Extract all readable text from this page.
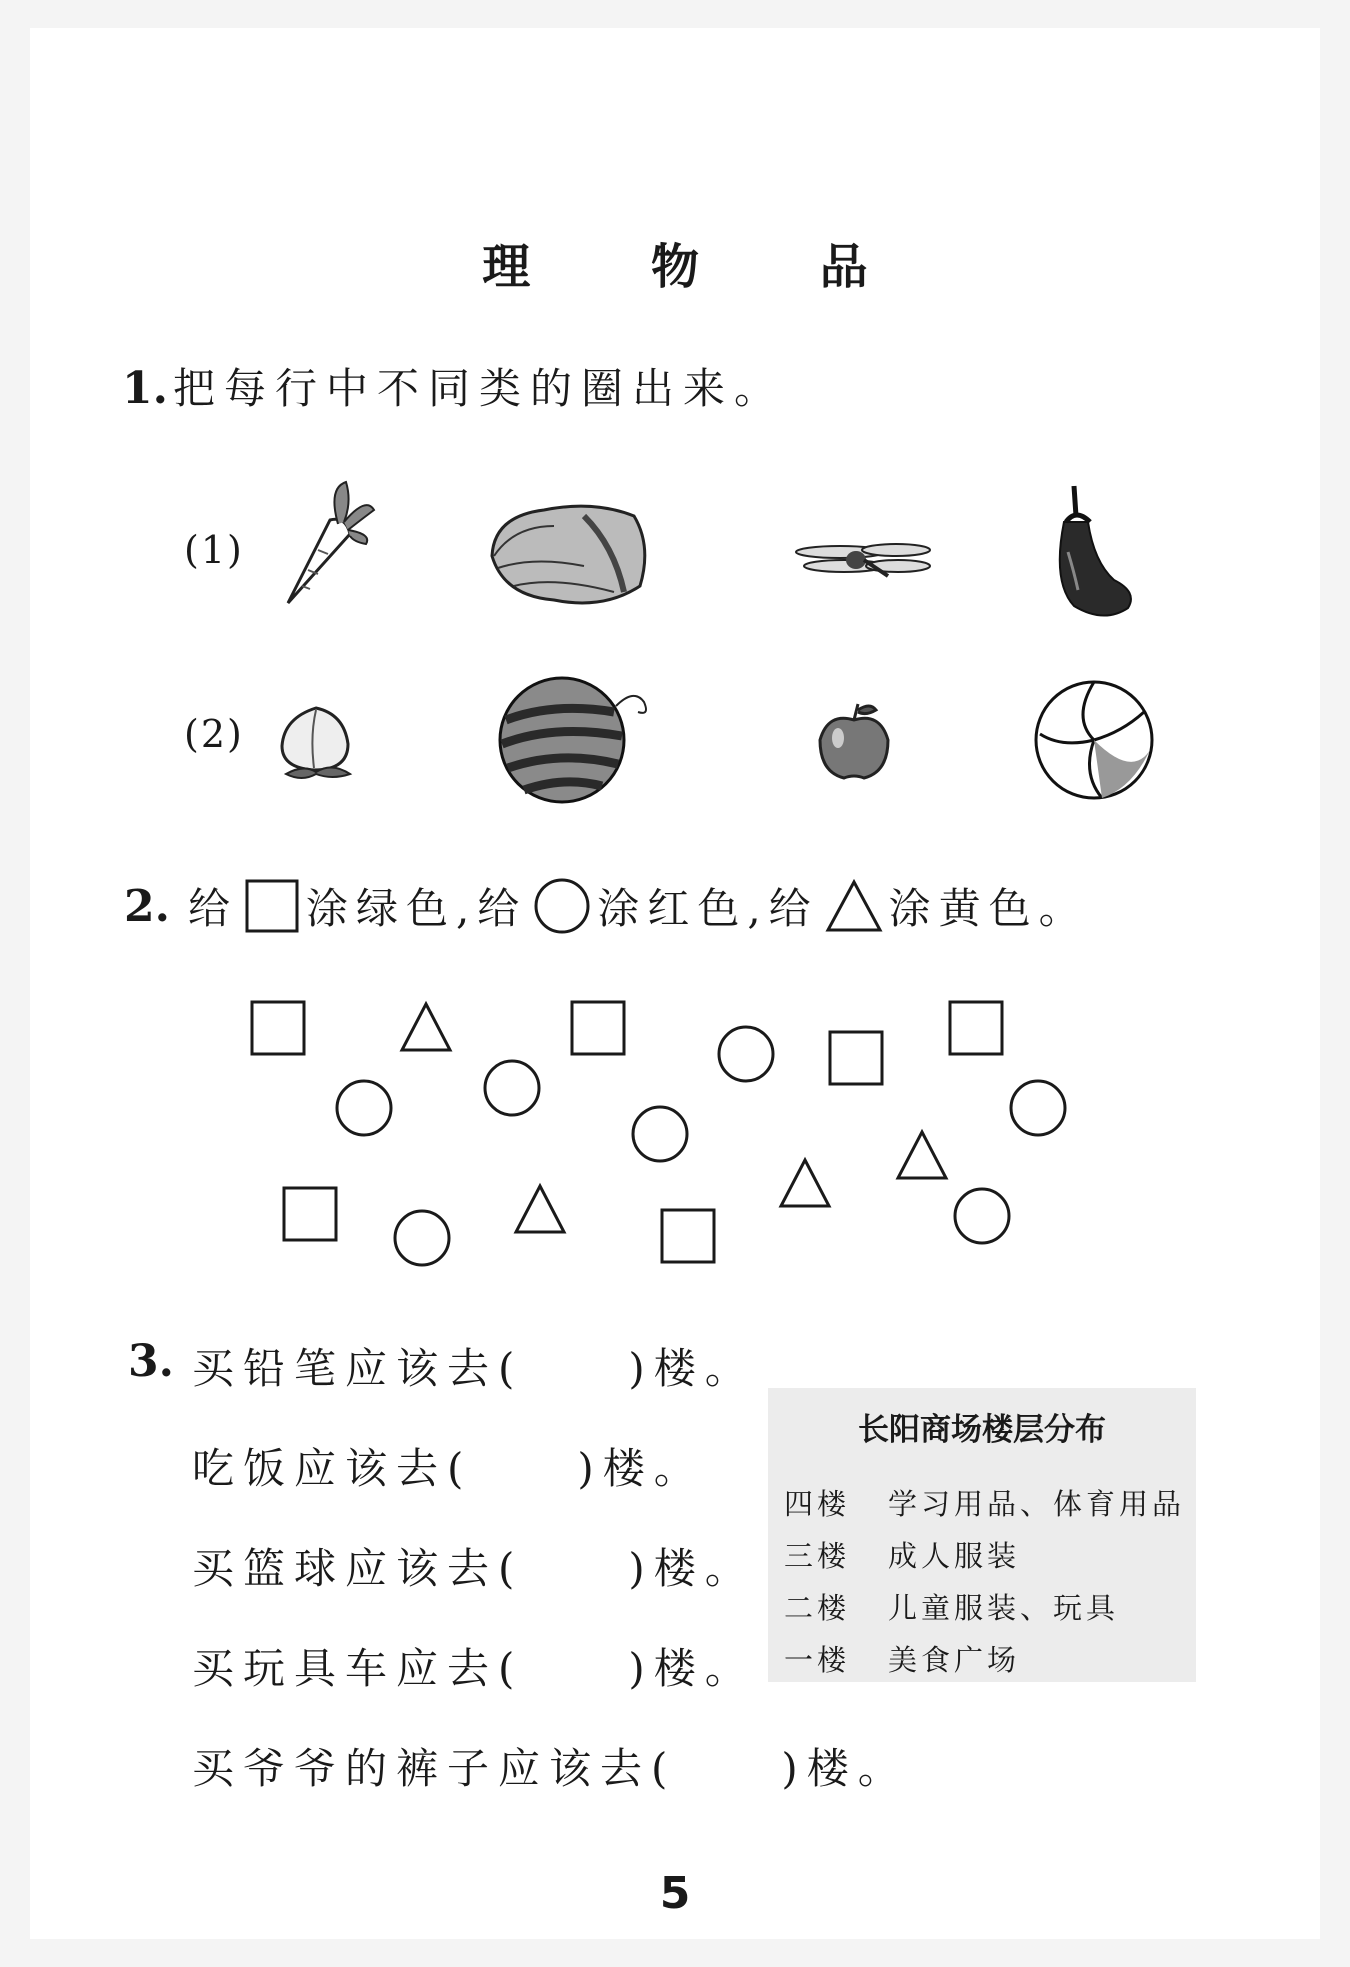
理 物 品
1. 把每行中不同类的圈出来。
(1)
(2)
2. 给 涂绿色,给 涂红色,给 涂黄色。
3. 买铅笔应该去(	)楼。
吃饭应该去(	)楼。
买篮球应该去(	)楼。
买玩具车应去(	)楼。
买爷爷的裤子应该去(	)楼。
长阳商场楼层分布
四楼 学习用品、体育用品
三楼 成人服装
二楼 儿童服装、玩具
一楼 美食广场
5
